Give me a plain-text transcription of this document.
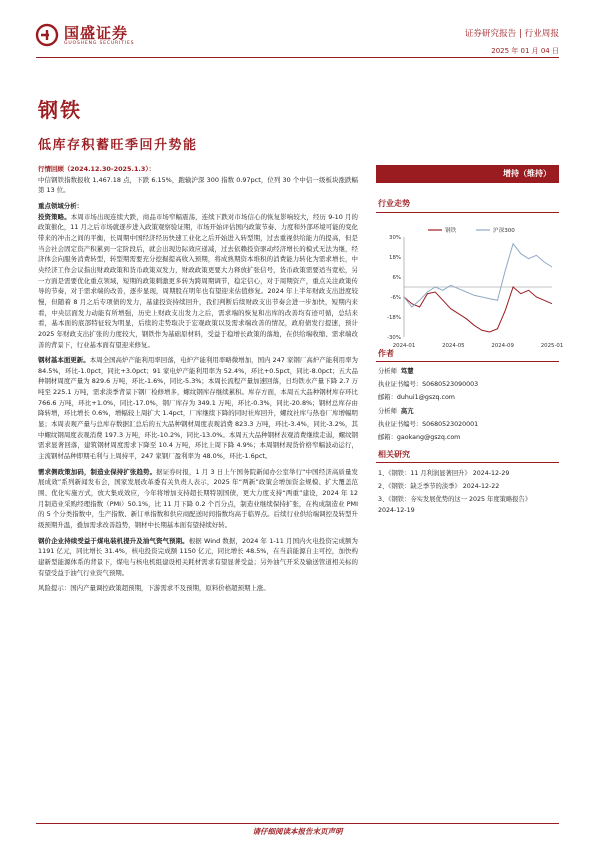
国盛证券
GUOSHENG SECURITIES
证券研究报告 | 行业周报
2025 年 01 月 04 日
钢铁
低库存积蓄旺季回升势能

行情回顾（2024.12.30-2025.1.3）：

中信钢铁指数报收 1,467.18 点，下跌 6.15%，跑输沪深 300 指数 0.97pct，位列 30 个中信一级板块涨跌幅第 13 位。

重点领域分析：

投资策略。本周市场出现连续大跌，商品市场窄幅震荡，连续下跌对市场信心的恢复影响较大，经历 9-10 月的政策催化，11 月之后市场就逐步进入政策观察验证期，市场开始评估国内政策节奏、力度和外部环境可能的变化带来的冲击之间的平衡，长周期中国经济经历快速工业化之后开始进入转型期，过去重视供给能力的提高，但是当会社会固定资产积累到一定阶段后，就会出现边际效应递减，过去依赖投资驱动经济增长的模式无法为继，经济体会向服务消费转型，转型期需要充分挖掘提高收入预期，将成熟期资本堆积的消费能力转化为需求增长，中央经济工作会议指出财政政策和货币政策双发力，财政政策更要大力释放扩张信号，货币政策需要适当宽松，另一方面是需要优化重点领域，短期的政策刺激更多转为跨周期调节，稳定信心，对于周期资产，重点关注政策传导的节奏，对于需求端的改善，逐步显现，周期股在明年也有望迎来估值修复。2024 年上半年财政支出进度较慢，但随着 8 月之后专项债的发力，基建投资持续回升，我们判断后续财政支出节奏会进一步加快，短期内来看，中央层面发力动能有所增强，历史上财政支出发力之后，需求端的恢复和出库的改善均有迹可循，总结来看，基本面的底部特征较为明显，后续的走势取决于宏观政策以及需求端改善的情况，政府债发行提速，预计 2025 年财政支出扩张的力度较大，钢铁作为基础原材料，受益于稳增长政策的落地，在供给端收缩、需求端改善的背景下，行业基本面有望迎来修复。

钢材基本面更新。本周全国高炉产能利用率回落，电炉产能利用率略微增加，国内 247 家钢厂高炉产能利用率为 84.5%，环比-1.0pct，同比+3.0pct；91 家电炉产能利用率为 52.4%，环比+0.5pct，同比-8.0pct；五大品种钢材周度产量为 829.6 万吨，环比-1.6%，同比-5.3%；本周长流程产量加速回落，日均铁水产量下降 2.7 万吨至 225.1 万吨，需求淡季背景下钢厂检修增多，螺纹钢库存继续累积。库存方面，本周五大品种钢材库存环比 766.6 万吨，环比+1.0%，同比-17.0%，钢厂库存为 349.1 万吨，环比-0.3%，同比-20.8%；钢材总库存由降转增，环比增长 0.6%，增幅较上周扩大 1.4pct，厂库继续下降的同时社库回升，螺纹社库与热卷厂库增幅明显；本周表观产量与总库存数据汇总后的五大品种钢材周度表观消费 823.3 万吨，环比-3.4%，同比-3.2%，其中螺纹钢周度表观消费 197.3 万吨，环比-10.2%，同比-13.0%。本周五大品种钢材表观消费继续走弱，螺纹钢需求显著回落，建筑钢材周度需求下降至 10.4 万吨，环比上周下降 4.9%；本周钢材现货价格窄幅波动运行，主流钢材品种即期毛利与上周持平，247 家钢厂盈利率为 48.0%，环比-1.6pct。

需求侧政策加码，制造业保持扩张趋势。据证券时报，1 月 3 日上午国务院新闻办公室举行“中国经济高质量发展成效”系列新闻发布会，国家发展改革委有关负责人表示，2025 年“两新”政策会增加资金规模、扩大覆盖范围、优化实施方式，放大集成效应，今年将增加支持超长期特别国债，更大力度支持“两重”建设，2024 年 12 月制造业采购经理指数（PMI）50.1%，比 11 月下降 0.2 个百分点，制造业继续保持扩张，在构成制造业 PMI 的 5 个分类指数中，生产指数、新订单指数和供应商配送时间指数均高于临界点。后续行业供给端调控及转型升级预期升温，叠加需求改善趋势，钢材中长期基本面有望持续好转。

钢价企业持续受益于煤电装机提升及油气资气预期。根据 Wind 数据，2024 年 1-11 月国内火电投资完成额为 1191 亿元，同比增长 31.4%，核电投资完成额 1150 亿元，同比增长 48.5%，在当前能源自主可控，加快构建新型能源体系的背景下，煤电与核电机组建设相关耗材需求有望显著受益；另外油气开采及输送管道相关标的有望受益于油气行业资气预期。

风险提示：国内产量调控政策超预期，下游需求不及预期，原料价格超预期上涨。

增持（维持）
行业走势
钢铁	沪深300
30%
18%
6%
-6%
-18%
-30%
2024-01	2024-05	2024-09	2025-01
作者
分析师 笃慧
执业证书编号：S0680523090003
邮箱：duhui1@gszq.com
分析师 高亢
执业证书编号：S0680523020001
邮箱：gaokang@gszq.com
相关研究
1、《钢铁：11 月利润显著回升》 2024-12-29
2、《钢铁：缺乏季节的淡季》 2024-12-22
3、《钢铁：夯实发展优势的这一 2025 年度策略报告》
2024-12-19
请仔细阅读本报告末页声明
